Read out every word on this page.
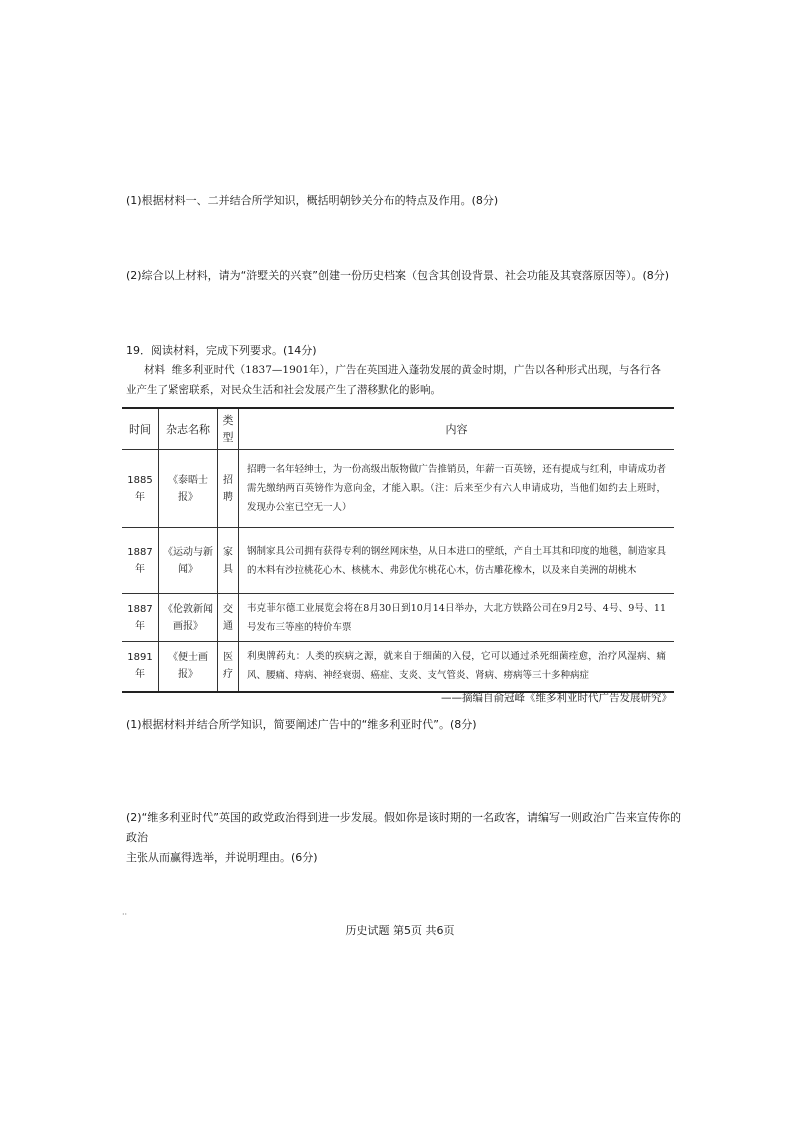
(1)根据材料一、二并结合所学知识，概括明朝钞关分布的特点及作用。(8分)
(2)综合以上材料，请为“浒墅关的兴衰”创建一份历史档案（包含其创设背景、社会功能及其衰落原因等）。(8分)
19．阅读材料，完成下列要求。(14分)
材料 维多利亚时代（1837—1901年），广告在英国进入蓬勃发展的黄金时期，广告以各种形式出现，与各行各
业产生了紧密联系，对民众生活和社会发展产生了潜移默化的影响。
时间	杂志名称	类型	内容
1885年	《泰晤士报》	招聘	招聘一名年轻绅士，为一份高级出版物做广告推销员，年薪一百英镑，还有提成与红利，申请成功者需先缴纳两百英镑作为意向金，才能入职。（注：后来至少有六人申请成功，当他们如约去上班时，发现办公室已空无一人）
1887年	《运动与新闻》	家具	钢制家具公司拥有获得专利的钢丝网床垫，从日本进口的壁纸，产自土耳其和印度的地毯，制造家具的木料有沙拉桃花心木、核桃木、弗彭优尔桃花心木，仿古雕花橡木，以及来自美洲的胡桃木
1887年	《伦敦新闻画报》	交通	韦克菲尔德工业展览会将在8月30日到10月14日举办，大北方铁路公司在9月2号、4号、9号、11号发布三等座的特价车票
1891年	《便士画报》	医疗	利奥牌药丸：人类的疾病之源，就来自于细菌的入侵，它可以通过杀死细菌痊愈，治疗风湿病、痛风、腰痛、痔病、神经衰弱、癌症、支炎、支气管炎、肾病、痨病等三十多种病症
——摘编自俞冠峰《维多利亚时代广告发展研究》
(1)根据材料并结合所学知识，简要阐述广告中的“维多利亚时代”。(8分)
(2)“维多利亚时代”英国的政党政治得到进一步发展。假如你是该时期的一名政客，请编写一则政治广告来宣传你的政治
主张从而赢得选举，并说明理由。(6分)
··
历史试题 第5页 共6页
